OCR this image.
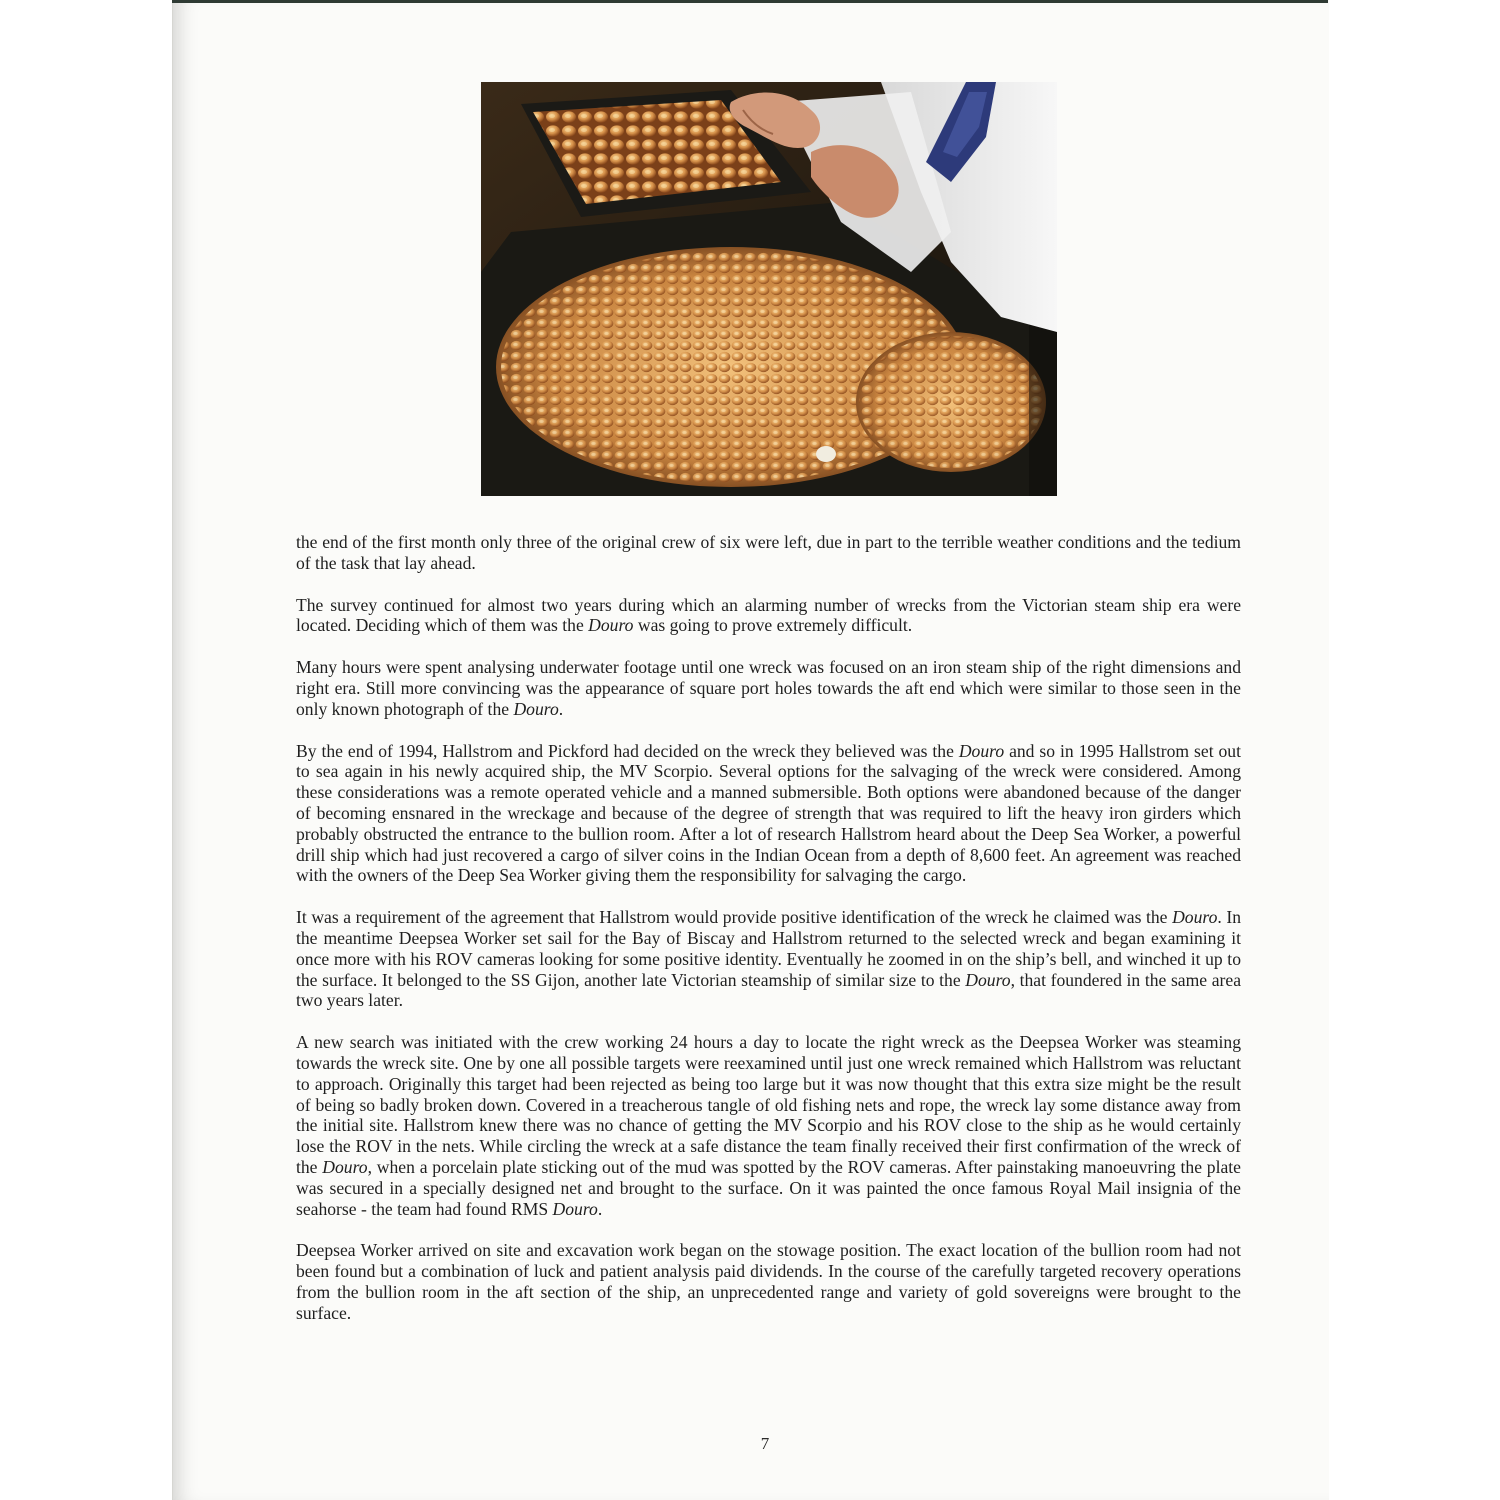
the end of the first month only three of the original crew of six were left, due in part to the terrible weather conditions and the tedium of the task that lay ahead.

The survey continued for almost two years during which an alarming number of wrecks from the Victorian steam ship era were located. Deciding which of them was the Douro was going to prove extremely difficult.

Many hours were spent analysing underwater footage until one wreck was focused on an iron steam ship of the right dimensions and right era. Still more convincing was the appearance of square port holes towards the aft end which were similar to those seen in the only known photograph of the Douro.

By the end of 1994, Hallstrom and Pickford had decided on the wreck they believed was the Douro and so in 1995 Hallstrom set out to sea again in his newly acquired ship, the MV Scorpio. Several options for the salvaging of the wreck were considered. Among these considerations was a remote operated vehicle and a manned submersible. Both options were abandoned because of the danger of becoming ensnared in the wreckage and because of the degree of strength that was required to lift the heavy iron girders which probably obstructed the entrance to the bullion room. After a lot of research Hallstrom heard about the Deep Sea Worker, a powerful drill ship which had just recovered a cargo of silver coins in the Indian Ocean from a depth of 8,600 feet. An agreement was reached with the owners of the Deep Sea Worker giving them the responsibility for salvaging the cargo.

It was a requirement of the agreement that Hallstrom would provide positive identification of the wreck he claimed was the Douro. In the meantime Deepsea Worker set sail for the Bay of Biscay and Hallstrom returned to the selected wreck and began examining it once more with his ROV cameras looking for some positive identity. Eventually he zoomed in on the ship’s bell, and winched it up to the surface. It belonged to the SS Gijon, another late Victorian steamship of similar size to the Douro, that foundered in the same area two years later.

A new search was initiated with the crew working 24 hours a day to locate the right wreck as the Deepsea Worker was steaming towards the wreck site. One by one all possible targets were reexamined until just one wreck remained which Hallstrom was reluctant to approach. Originally this target had been rejected as being too large but it was now thought that this extra size might be the result of being so badly broken down. Covered in a treacherous tangle of old fishing nets and rope, the wreck lay some distance away from the initial site. Hallstrom knew there was no chance of getting the MV Scorpio and his ROV close to the ship as he would certainly lose the ROV in the nets. While circling the wreck at a safe distance the team finally received their first confirmation of the wreck of the Douro, when a porcelain plate sticking out of the mud was spotted by the ROV cameras. After painstaking manoeuvring the plate was secured in a specially designed net and brought to the surface. On it was painted the once famous Royal Mail insignia of the seahorse - the team had found RMS Douro.

Deepsea Worker arrived on site and excavation work began on the stowage position. The exact location of the bullion room had not been found but a combination of luck and patient analysis paid dividends. In the course of the carefully targeted recovery operations from the bullion room in the aft section of the ship, an unprecedented range and variety of gold sovereigns were brought to the surface.

7
